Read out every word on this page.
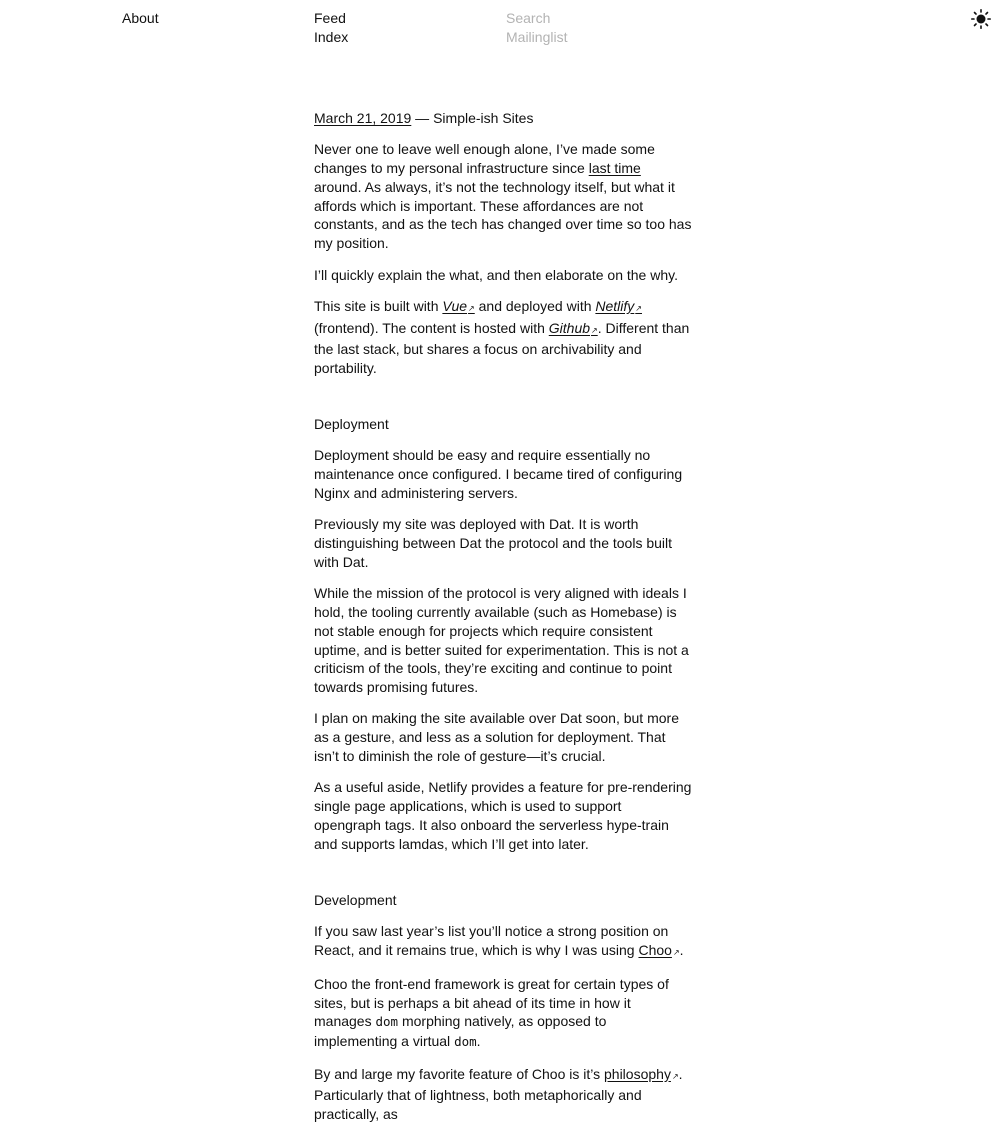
About	Feed
Index
Search
Mailinglist

March 21, 2019 — Simple-ish Sites

Never one to leave well enough alone, I’ve made some changes to my personal infrastructure since last time around. As always, it’s not the technology itself, but what it affords which is important. These affordances are not constants, and as the tech has changed over time so too has my position.

I’ll quickly explain the what, and then elaborate on the why.

This site is built with Vue↗ and deployed with Netlify↗ (frontend). The content is hosted with Github↗. Different than the last stack, but shares a focus on archivability and portability.

Deployment

Deployment should be easy and require essentially no maintenance once configured. I became tired of configuring Nginx and administering servers.

Previously my site was deployed with Dat. It is worth distinguishing between Dat the protocol and the tools built with Dat.

While the mission of the protocol is very aligned with ideals I hold, the tooling currently available (such as Homebase) is not stable enough for projects which require consistent uptime, and is better suited for experimentation. This is not a criticism of the tools, they’re exciting and continue to point towards promising futures.

I plan on making the site available over Dat soon, but more as a gesture, and less as a solution for deployment. That isn’t to diminish the role of gesture—it’s crucial.

As a useful aside, Netlify provides a feature for pre-rendering single page applications, which is used to support opengraph tags. It also onboard the serverless hype-train and supports lamdas, which I’ll get into later.

Development

If you saw last year’s list you’ll notice a strong position on React, and it remains true, which is why I was using Choo↗.

Choo the front-end framework is great for certain types of sites, but is perhaps a bit ahead of its time in how it manages dom morphing natively, as opposed to implementing a virtual dom.

By and large my favorite feature of Choo is it’s philosophy↗. Particularly that of lightness, both metaphorically and practically, as
